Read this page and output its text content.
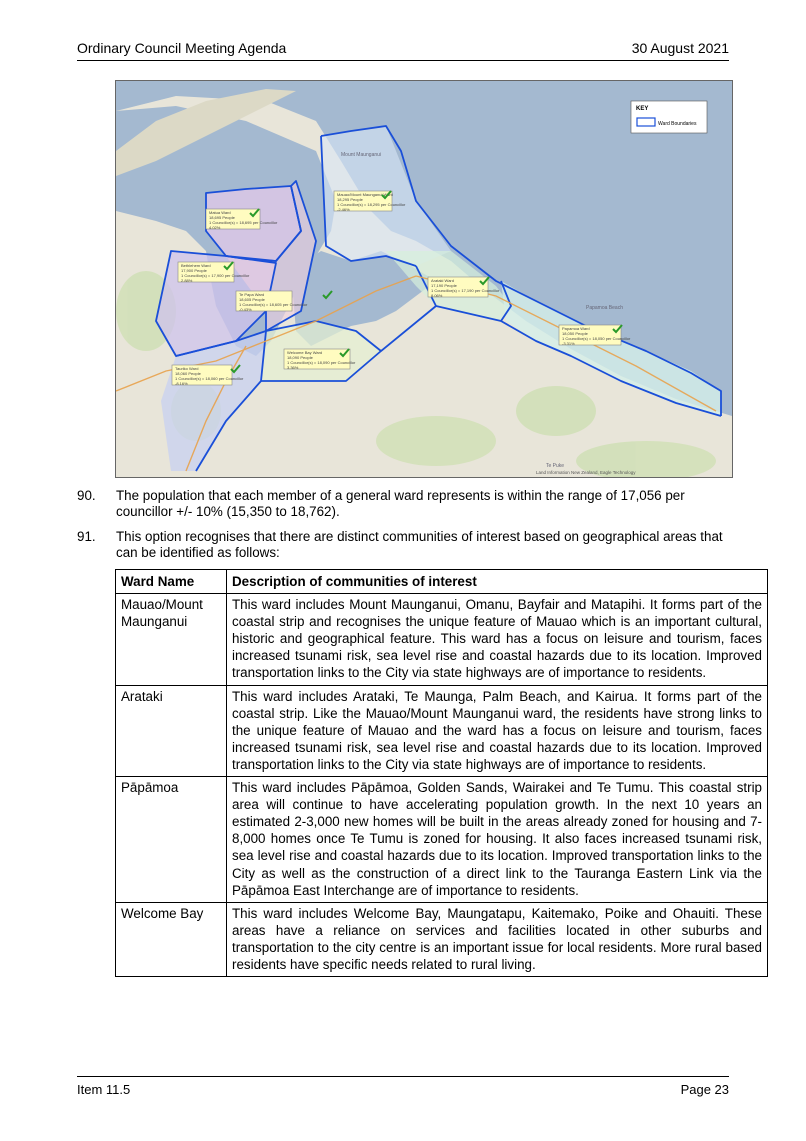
Ordinary Council Meeting Agenda	30 August 2021
Mount Maunganui
Papamoa Beach
Te Puke
Mauao/Mount Maunganui Ward
18,295 People
1 Councillor(s) = 18,295 per Councillor
-2.46%
Matua Ward
18,695 People
1 Councillor(s) = 18,695 per Councillor
4.02%
Bethlehem Ward
17,900 People
1 Councillor(s) = 17,900 per Councillor
2.88%
Te Papa Ward
18,605 People
1 Councillor(s) = 18,605 per Councillor
-0.43%
Arataki Ward
17,190 People
1 Councillor(s) = 17,190 per Councillor
8.06%
Papamoa Ward
18,050 People
1 Councillor(s) = 18,050 per Councillor
-3.31%
Welcome Bay Ward
18,090 People
1 Councillor(s) = 18,090 per Councillor
3.36%
Tauriko Ward
18,060 People
1 Councillor(s) = 18,060 per Councillor
-8.16%
KEY
Ward Boundaries
Land Information New Zealand, Eagle Technology
90.	The population that each member of a general ward represents is within the range of 17,056 per councillor +/- 10% (15,350 to 18,762).
91.	This option recognises that there are distinct communities of interest based on geographical areas that can be identified as follows:
Ward Name	Description of communities of interest
Mauao/Mount Maunganui	This ward includes Mount Maunganui, Omanu, Bayfair and Matapihi. It forms part of the coastal strip and recognises the unique feature of Mauao which is an important cultural, historic and geographical feature. This ward has a focus on leisure and tourism, faces increased tsunami risk, sea level rise and coastal hazards due to its location. Improved transportation links to the City via state highways are of importance to residents.
Arataki	This ward includes Arataki, Te Maunga, Palm Beach, and Kairua. It forms part of the coastal strip. Like the Mauao/Mount Maunganui ward, the residents have strong links to the unique feature of Mauao and the ward has a focus on leisure and tourism, faces increased tsunami risk, sea level rise and coastal hazards due to its location. Improved transportation links to the City via state highways are of importance to residents.
Pāpāmoa	This ward includes Pāpāmoa, Golden Sands, Wairakei and Te Tumu. This coastal strip area will continue to have accelerating population growth. In the next 10 years an estimated 2-3,000 new homes will be built in the areas already zoned for housing and 7-8,000 homes once Te Tumu is zoned for housing. It also faces increased tsunami risk, sea level rise and coastal hazards due to its location. Improved transportation links to the City as well as the construction of a direct link to the Tauranga Eastern Link via the Pāpāmoa East Interchange are of importance to residents.
Welcome Bay	This ward includes Welcome Bay, Maungatapu, Kaitemako, Poike and Ohauiti. These areas have a reliance on services and facilities located in other suburbs and transportation to the city centre is an important issue for local residents. More rural based residents have specific needs related to rural living.
Item 11.5	Page 23
